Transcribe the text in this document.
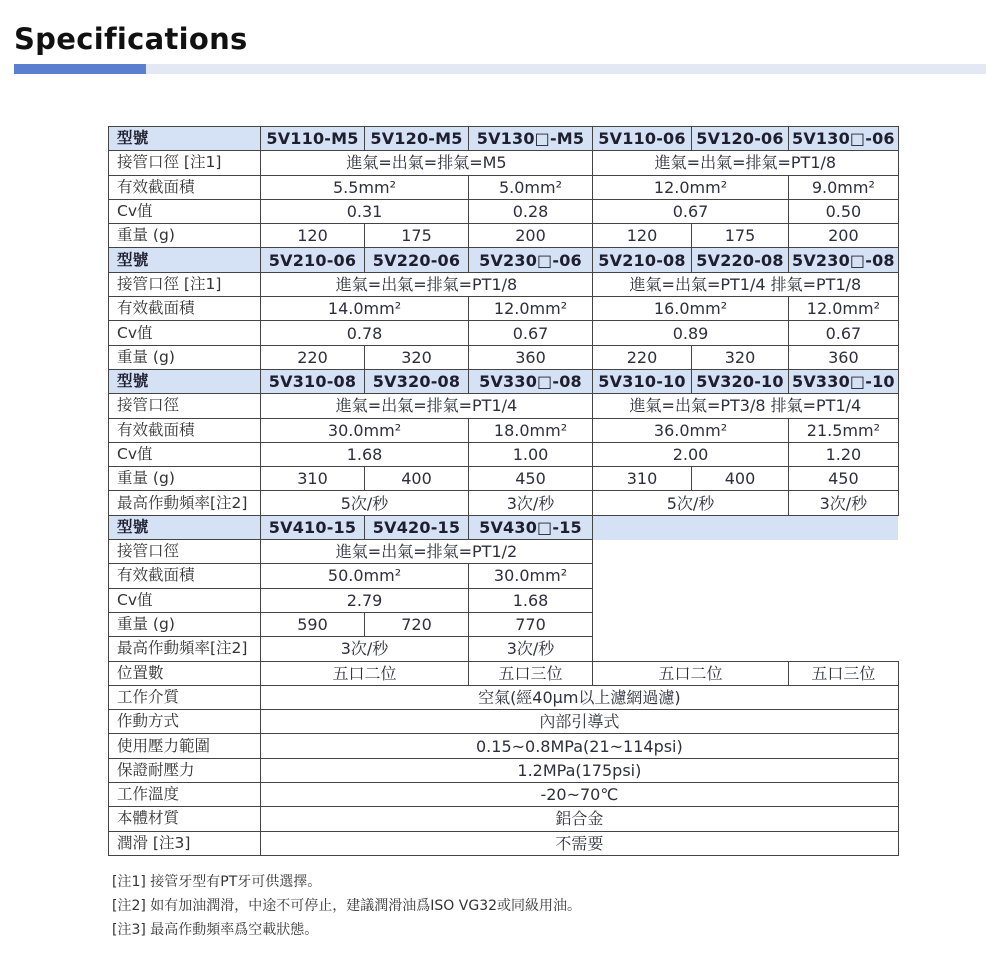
Specifications
型號	5V110-M5	5V120-M5	5V130□-M5	5V110-06	5V120-06	5V130□-06
接管口徑 [注1]	進氣=出氣=排氣=M5			進氣=出氣=排氣=PT1/8		
有效截面積	5.5mm²		5.0mm²	12.0mm²		9.0mm²
Cv值	0.31		0.28	0.67		0.50
重量 (g)	120	175	200	120	175	200
型號	5V210-06	5V220-06	5V230□-06	5V210-08	5V220-08	5V230□-08
接管口徑 [注1]	進氣=出氣=排氣=PT1/8			進氣=出氣=PT1/4 排氣=PT1/8		
有效截面積	14.0mm²		12.0mm²	16.0mm²		12.0mm²
Cv值	0.78		0.67	0.89		0.67
重量 (g)	220	320	360	220	320	360
型號	5V310-08	5V320-08	5V330□-08	5V310-10	5V320-10	5V330□-10
接管口徑	進氣=出氣=排氣=PT1/4			進氣=出氣=PT3/8 排氣=PT1/4		
有效截面積	30.0mm²		18.0mm²	36.0mm²		21.5mm²
Cv值	1.68		1.00	2.00		1.20
重量 (g)	310	400	450	310	400	450
最高作動頻率[注2]	5次/秒		3次/秒	5次/秒		3次/秒
型號	5V410-15	5V420-15	5V430□-15			
接管口徑	進氣=出氣=排氣=PT1/2					
有效截面積	50.0mm²		30.0mm²			
Cv值	2.79		1.68			
重量 (g)	590	720	770			
最高作動頻率[注2]	3次/秒		3次/秒			
位置數	五口二位		五口三位	五口二位		五口三位
工作介質	空氣(經40μm以上濾網過濾)					
作動方式	內部引導式					
使用壓力範圍	0.15~0.8MPa(21~114psi)					
保證耐壓力	1.2MPa(175psi)					
工作溫度	-20~70℃					
本體材質	鋁合金					
潤滑 [注3]	不需要					
[注1] 接管牙型有PT牙可供選擇。
[注2] 如有加油潤滑，中途不可停止，建議潤滑油爲ISO VG32或同級用油。
[注3] 最高作動頻率爲空載狀態。
